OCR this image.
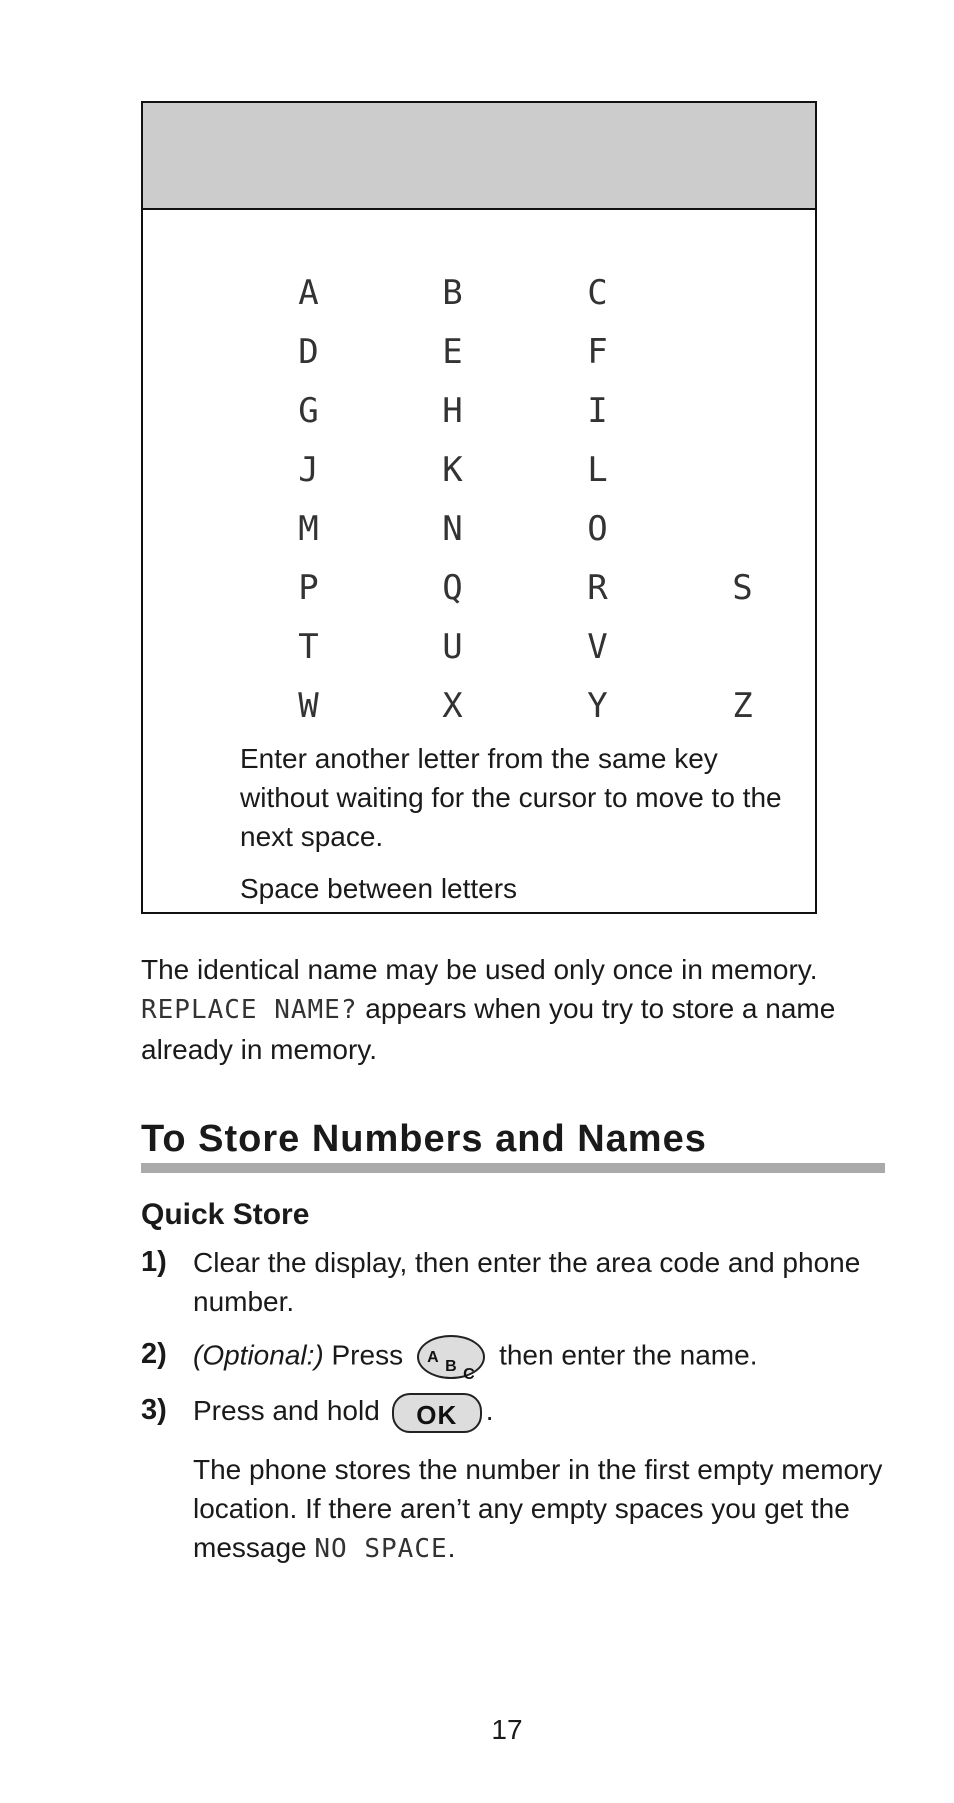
A	B	C
D	E	F
G	H	I
J	K	L
M	N	O
P	Q	R	S
T	U	V
W	X	Y	Z
Enter another letter from the same key without waiting for the cursor to move to the next space.
Space between letters
The identical name may be used only once in memory.
REPLACE NAME? appears when you try to store a name already in memory.
To Store Numbers and Names
Quick Store
1) Clear the display, then enter the area code and phone number.
2) (Optional:) Press A
B C
then enter the name.
3) Press and hold OK .
The phone stores the number in the first empty memory location. If there aren’t any empty spaces you get the message NO SPACE.
17
